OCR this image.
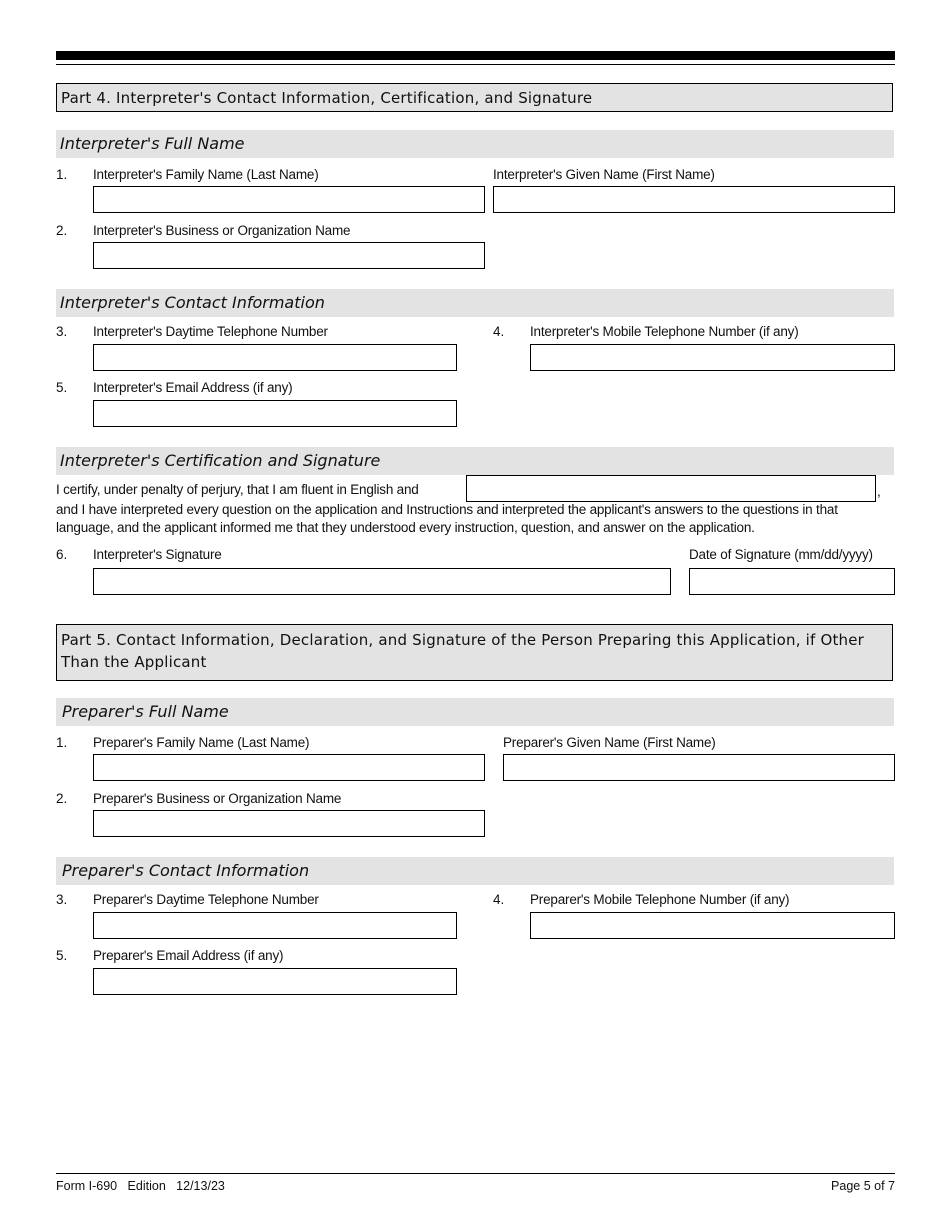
Part 4. Interpreter's Contact Information, Certification, and Signature
Interpreter's Full Name
1. Interpreter's Family Name (Last Name)	Interpreter's Given Name (First Name)
2. Interpreter's Business or Organization Name
Interpreter's Contact Information
3. Interpreter's Daytime Telephone Number	4. Interpreter's Mobile Telephone Number (if any)
5. Interpreter's Email Address (if any)
Interpreter's Certification and Signature
I certify, under penalty of perjury, that I am fluent in English and	,
and I have interpreted every question on the application and Instructions and interpreted the applicant's answers to the questions in that language, and the applicant informed me that they understood every instruction, question, and answer on the application.
6. Interpreter's Signature	Date of Signature (mm/dd/yyyy)
Part 5. Contact Information, Declaration, and Signature of the Person Preparing this Application, if Other Than the Applicant
Preparer's Full Name
1. Preparer's Family Name (Last Name)	Preparer's Given Name (First Name)
2. Preparer's Business or Organization Name
Preparer's Contact Information
3. Preparer's Daytime Telephone Number	4. Preparer's Mobile Telephone Number (if any)
5. Preparer's Email Address (if any)
Form I-690   Edition   12/13/23	Page 5 of 7
